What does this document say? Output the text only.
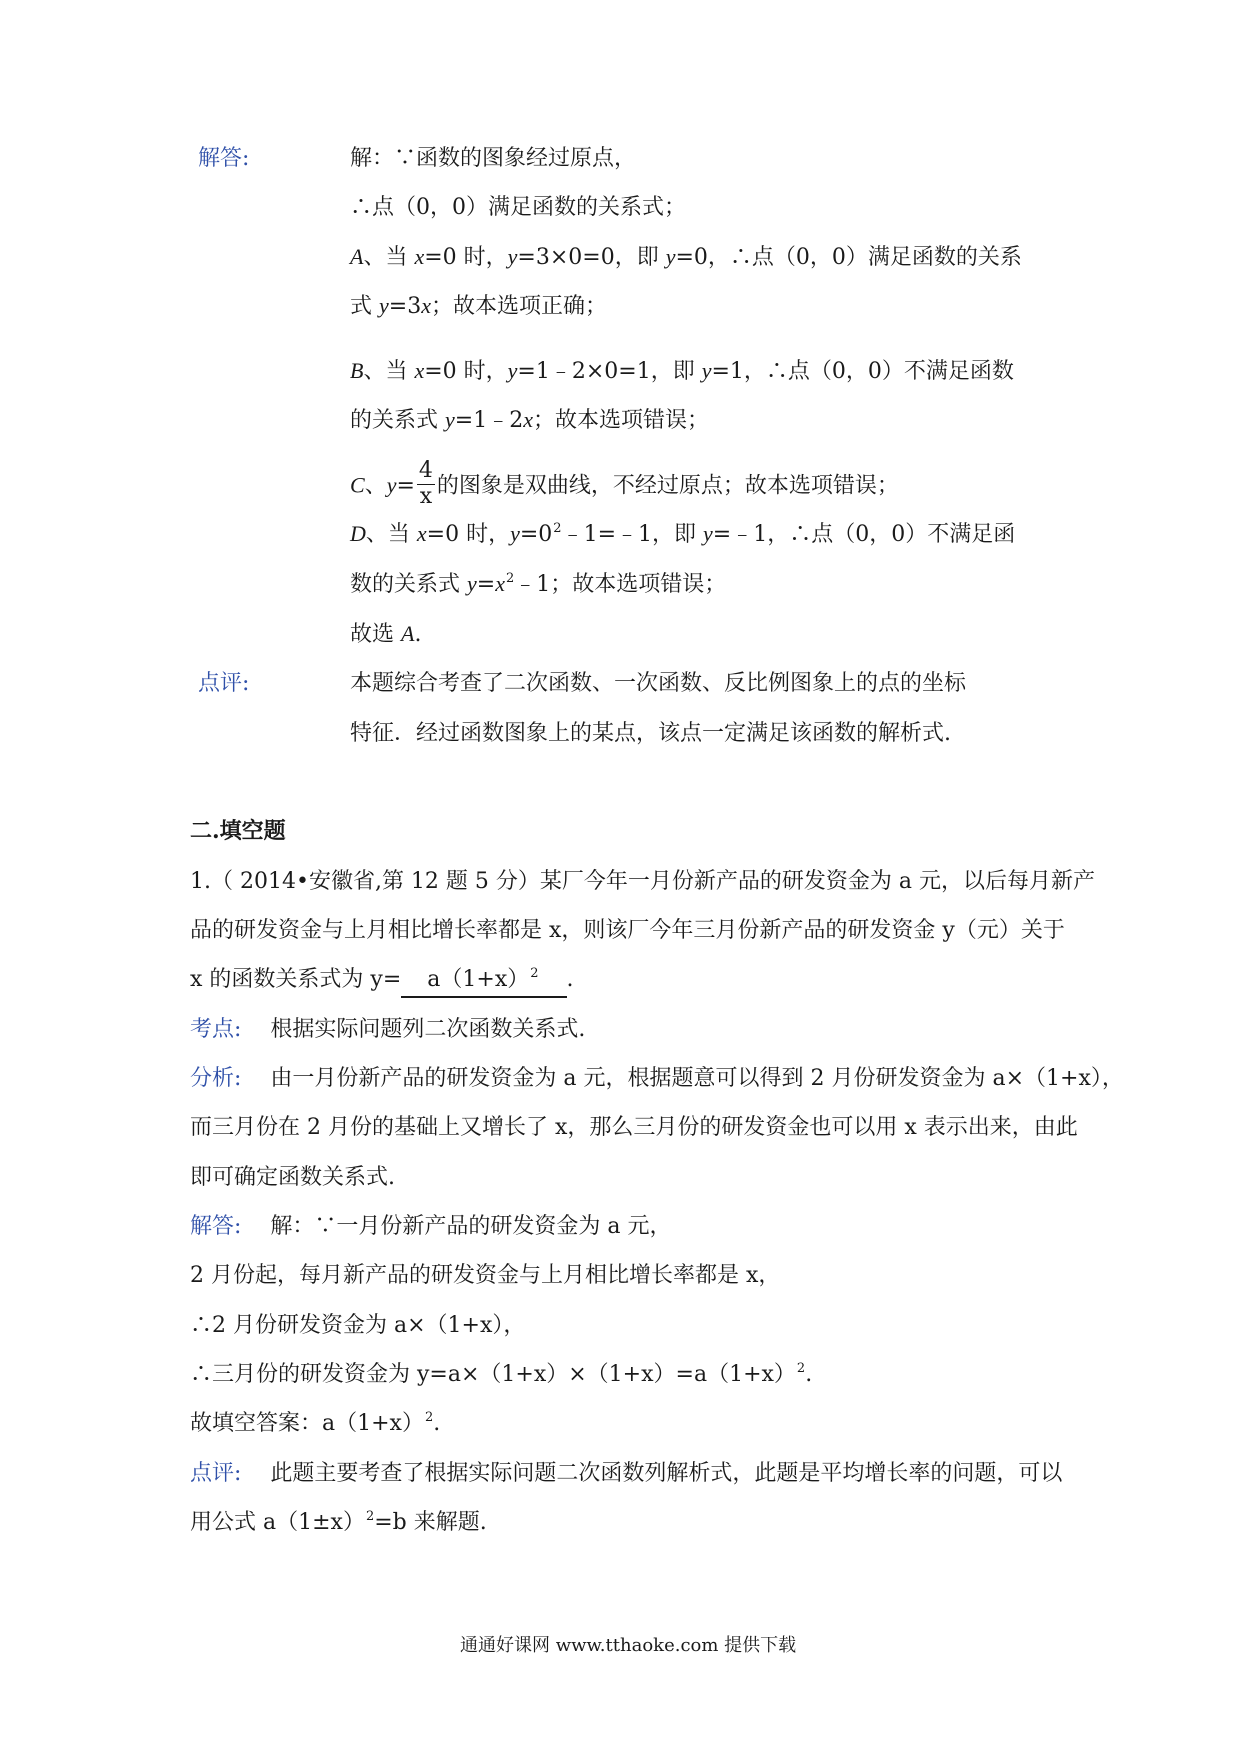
解答:	解：∵函数的图象经过原点，
∴点（0，0）满足函数的关系式；
A、当 x=0 时，y=3×0=0，即 y=0，∴点（0，0）满足函数的关系
式 y=3x；故本选项正确；
B、当 x=0 时，y=1﹣2×0=1，即 y=1，∴点（0，0）不满足函数
的关系式 y=1﹣2x；故本选项错误；
C、$y= \frac{4}{x}$ 的图象是双曲线，不经过原点；故本选项错误；
D、当 x=0 时，$y=0^2﹣1=﹣1$，即 y=﹣1，∴点（0，0）不满足函
数的关系式 $y=x^2﹣1$；故本选项错误；
故选 A.
点评:	本题综合考查了二次函数、一次函数、反比例图象上的点的坐标
特征．经过函数图象上的某点，该点一定满足该函数的解析式.
二.填空题
1.（ 2014•安徽省,第 12 题 5 分）某厂今年一月份新产品的研发资金为 a 元，以后每月新产
品的研发资金与上月相比增长率都是 x，则该厂今年三月份新产品的研发资金 y（元）关于
x 的函数关系式为 $y= a(1+x)^2$ .
考点: 根据实际问题列二次函数关系式.
分析: 由一月份新产品的研发资金为 a 元，根据题意可以得到 2 月份研发资金为 a×（1+x），
而三月份在 2 月份的基础上又增长了 x，那么三月份的研发资金也可以用 x 表示出来，由此
即可确定函数关系式.
解答: 解：∵一月份新产品的研发资金为 a 元，
2 月份起，每月新产品的研发资金与上月相比增长率都是 x，
∴2 月份研发资金为 a×（1+x），
∴三月份的研发资金为 $y=a\times(1+x)\times(1+x)=a(1+x)^2$.
故填空答案：$a(1+x)^2$.
点评: 此题主要考查了根据实际问题二次函数列解析式，此题是平均增长率的问题，可以
用公式 $a(1\pm x)^2=b$ 来解题.
通通好课网 www.tthaoke.com 提供下载
